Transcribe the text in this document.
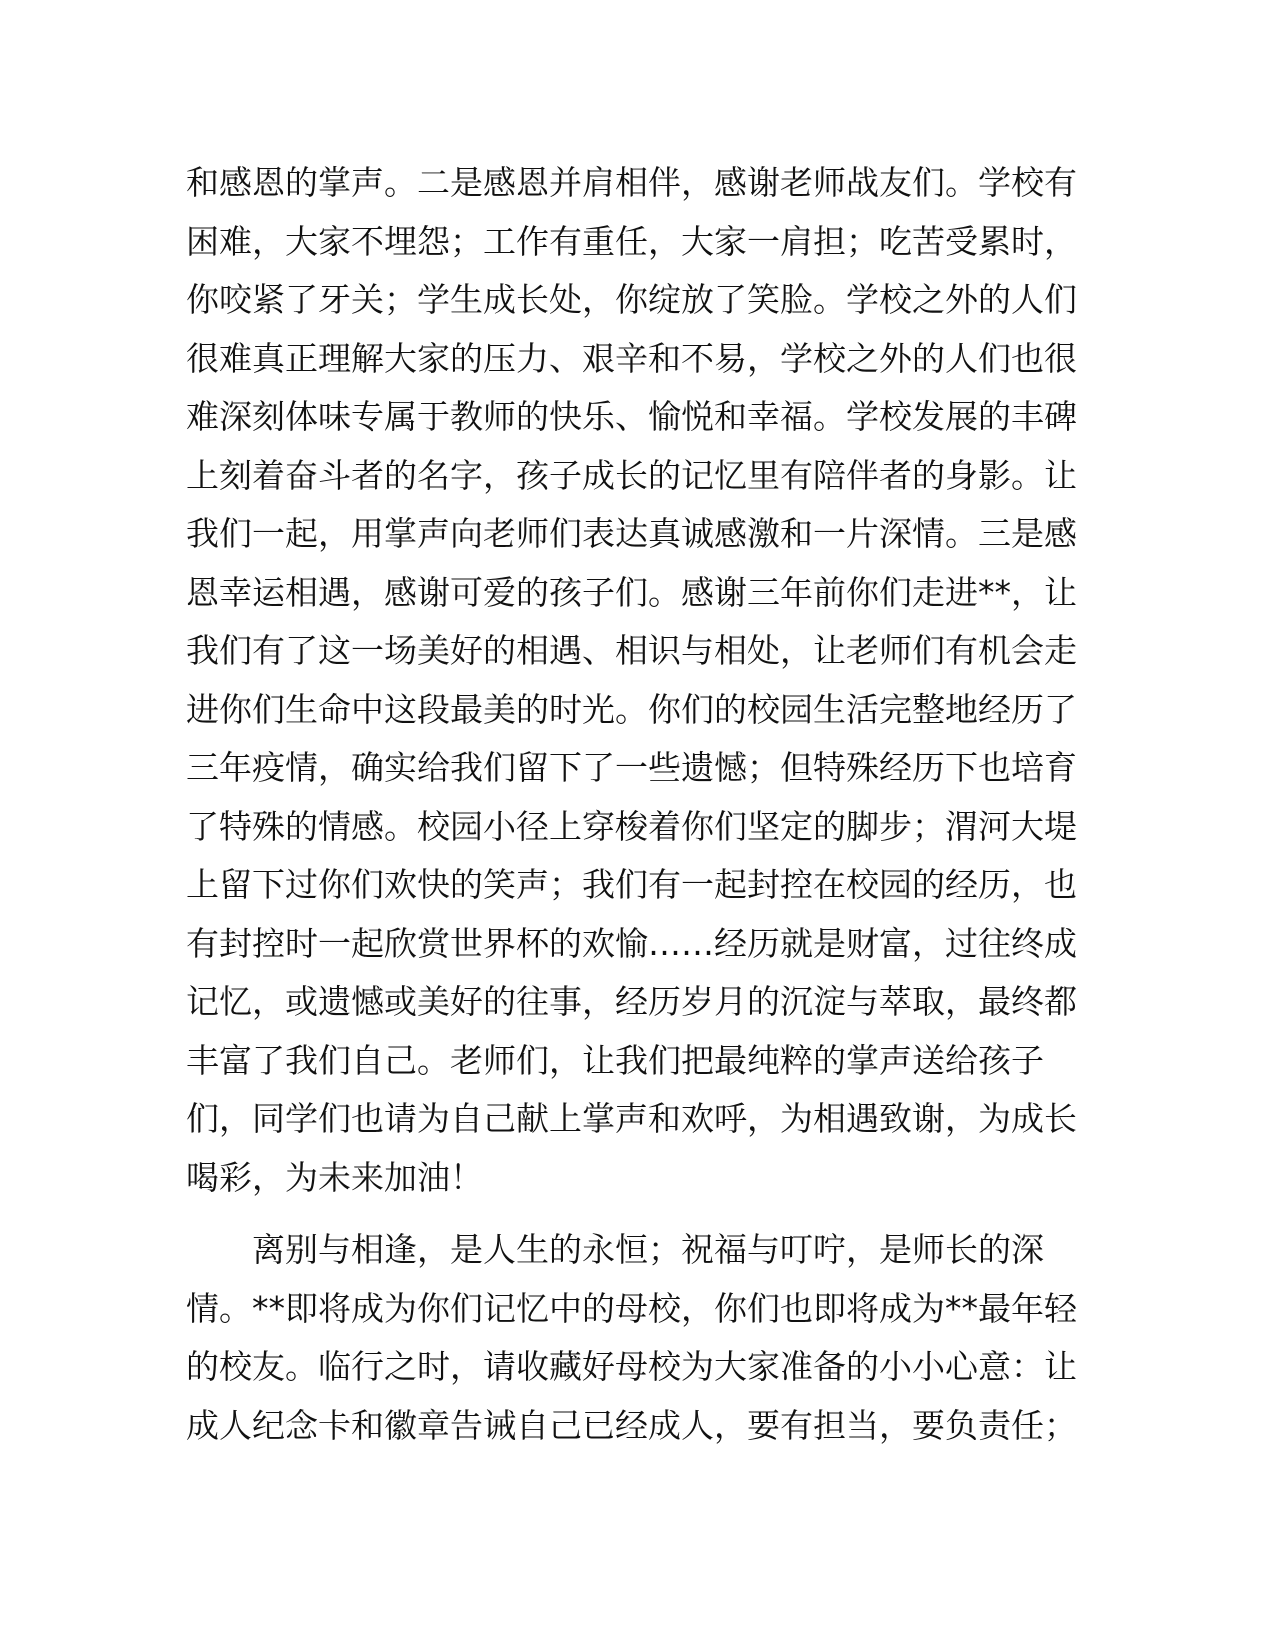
和感恩的掌声。二是感恩并肩相伴，感谢老师战友们。学校有
困难，大家不埋怨；工作有重任，大家一肩担；吃苦受累时，
你咬紧了牙关；学生成长处，你绽放了笑脸。学校之外的人们
很难真正理解大家的压力、艰辛和不易，学校之外的人们也很
难深刻体味专属于教师的快乐、愉悦和幸福。学校发展的丰碑
上刻着奋斗者的名字，孩子成长的记忆里有陪伴者的身影。让
我们一起，用掌声向老师们表达真诚感激和一片深情。三是感
恩幸运相遇，感谢可爱的孩子们。感谢三年前你们走进**，让
我们有了这一场美好的相遇、相识与相处，让老师们有机会走
进你们生命中这段最美的时光。你们的校园生活完整地经历了
三年疫情，确实给我们留下了一些遗憾；但特殊经历下也培育
了特殊的情感。校园小径上穿梭着你们坚定的脚步；渭河大堤
上留下过你们欢快的笑声；我们有一起封控在校园的经历，也
有封控时一起欣赏世界杯的欢愉……经历就是财富，过往终成
记忆，或遗憾或美好的往事，经历岁月的沉淀与萃取，最终都
丰富了我们自己。老师们，让我们把最纯粹的掌声送给孩子
们，同学们也请为自己献上掌声和欢呼，为相遇致谢，为成长
喝彩，为未来加油！
离别与相逢，是人生的永恒；祝福与叮咛，是师长的深
情。**即将成为你们记忆中的母校，你们也即将成为**最年轻
的校友。临行之时，请收藏好母校为大家准备的小小心意：让
成人纪念卡和徽章告诫自己已经成人，要有担当，要负责任；
